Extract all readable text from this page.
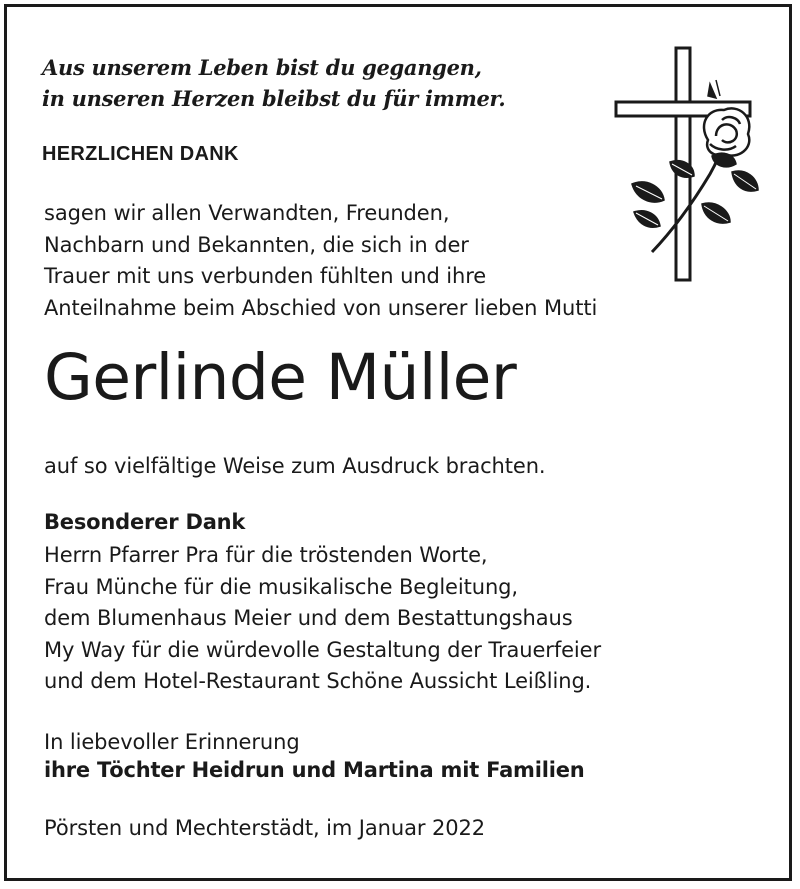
Aus unserem Leben bist du gegangen,
in unseren Herzen bleibst du für immer.
HERZLICHEN DANK
sagen wir allen Verwandten, Freunden,
Nachbarn und Bekannten, die sich in der
Trauer mit uns verbunden fühlten und ihre
Anteilnahme beim Abschied von unserer lieben Mutti
Gerlinde Müller
auf so vielfältige Weise zum Ausdruck brachten.
Besonderer Dank
Herrn Pfarrer Pra für die tröstenden Worte,
Frau Münche für die musikalische Begleitung,
dem Blumenhaus Meier und dem Bestattungshaus
My Way für die würdevolle Gestaltung der Trauerfeier
und dem Hotel-Restaurant Schöne Aussicht Leißling.
In liebevoller Erinnerung
ihre Töchter Heidrun und Martina mit Familien
Pörsten und Mechterstädt, im Januar 2022
